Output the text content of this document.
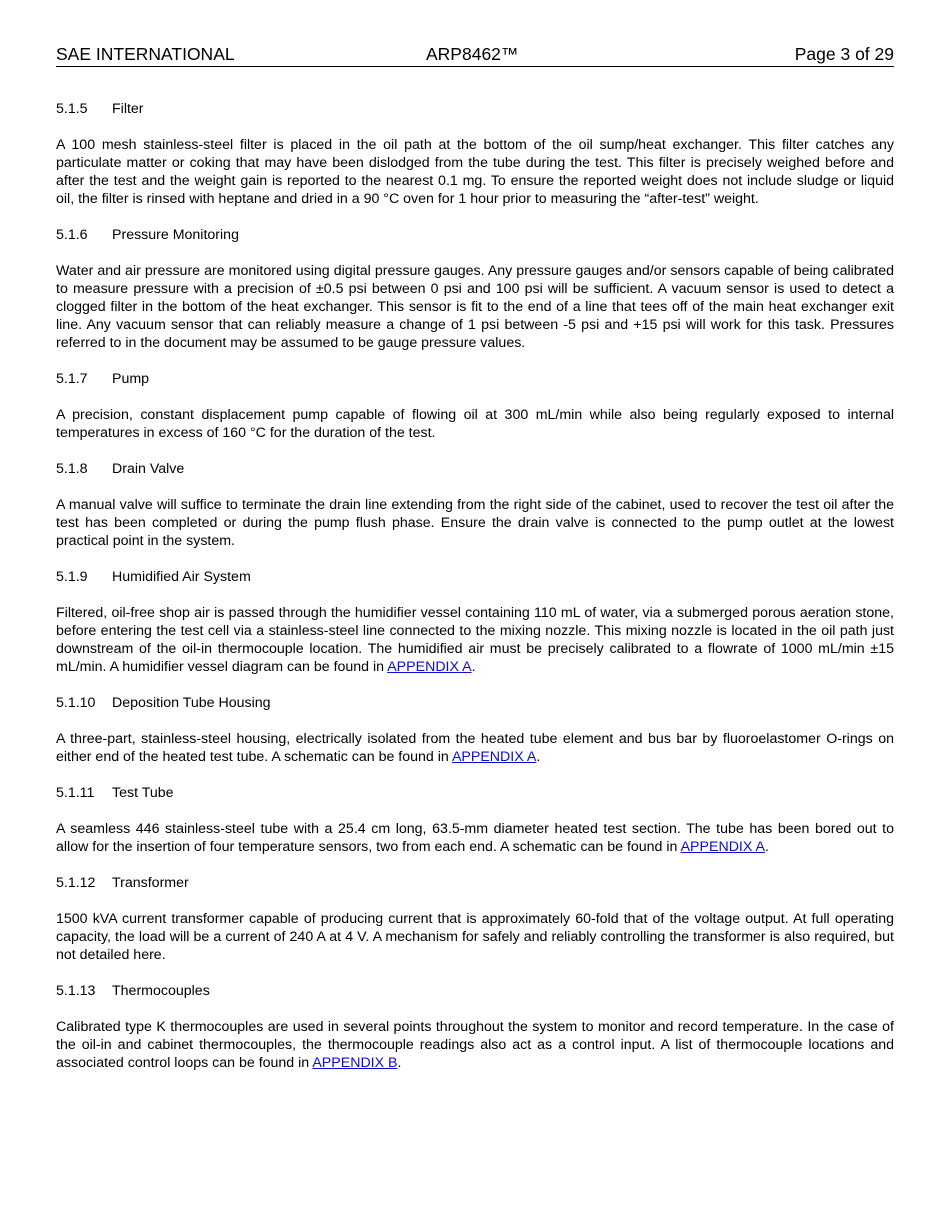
SAE INTERNATIONAL	ARP8462™	Page 3 of 29
5.1.5 Filter

A 100 mesh stainless-steel filter is placed in the oil path at the bottom of the oil sump/heat exchanger. This filter catches any particulate matter or coking that may have been dislodged from the tube during the test. This filter is precisely weighed before and after the test and the weight gain is reported to the nearest 0.1 mg. To ensure the reported weight does not include sludge or liquid oil, the filter is rinsed with heptane and dried in a 90 °C oven for 1 hour prior to measuring the “after-test” weight.

5.1.6 Pressure Monitoring

Water and air pressure are monitored using digital pressure gauges. Any pressure gauges and/or sensors capable of being calibrated to measure pressure with a precision of ±0.5 psi between 0 psi and 100 psi will be sufficient. A vacuum sensor is used to detect a clogged filter in the bottom of the heat exchanger. This sensor is fit to the end of a line that tees off of the main heat exchanger exit line. Any vacuum sensor that can reliably measure a change of 1 psi between -5 psi and +15 psi will work for this task. Pressures referred to in the document may be assumed to be gauge pressure values.

5.1.7 Pump

A precision, constant displacement pump capable of flowing oil at 300 mL/min while also being regularly exposed to internal temperatures in excess of 160 °C for the duration of the test.

5.1.8 Drain Valve

A manual valve will suffice to terminate the drain line extending from the right side of the cabinet, used to recover the test oil after the test has been completed or during the pump flush phase. Ensure the drain valve is connected to the pump outlet at the lowest practical point in the system.

5.1.9 Humidified Air System

Filtered, oil-free shop air is passed through the humidifier vessel containing 110 mL of water, via a submerged porous aeration stone, before entering the test cell via a stainless-steel line connected to the mixing nozzle. This mixing nozzle is located in the oil path just downstream of the oil-in thermocouple location. The humidified air must be precisely calibrated to a flowrate of 1000 mL/min ±15 mL/min. A humidifier vessel diagram can be found in APPENDIX A.

5.1.10 Deposition Tube Housing

A three-part, stainless-steel housing, electrically isolated from the heated tube element and bus bar by fluoroelastomer O-rings on either end of the heated test tube. A schematic can be found in APPENDIX A.

5.1.11 Test Tube

A seamless 446 stainless-steel tube with a 25.4 cm long, 63.5-mm diameter heated test section. The tube has been bored out to allow for the insertion of four temperature sensors, two from each end. A schematic can be found in APPENDIX A.

5.1.12 Transformer

1500 kVA current transformer capable of producing current that is approximately 60-fold that of the voltage output. At full operating capacity, the load will be a current of 240 A at 4 V. A mechanism for safely and reliably controlling the transformer is also required, but not detailed here.

5.1.13 Thermocouples

Calibrated type K thermocouples are used in several points throughout the system to monitor and record temperature. In the case of the oil-in and cabinet thermocouples, the thermocouple readings also act as a control input. A list of thermocouple locations and associated control loops can be found in APPENDIX B.
